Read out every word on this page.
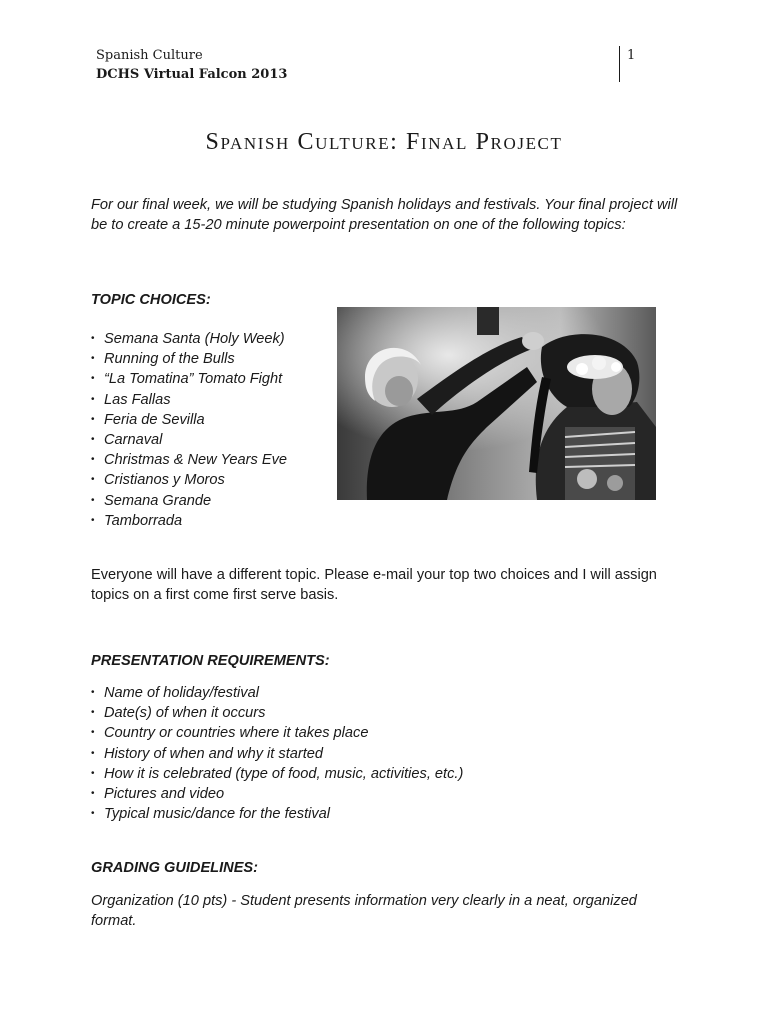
Spanish Culture
DCHS Virtual Falcon 2013
1
Spanish Culture: Final Project

For our final week, we will be studying Spanish holidays and festivals. Your final project will be to create a 15-20 minute powerpoint presentation on one of the following topics:

TOPIC CHOICES:
• Semana Santa (Holy Week)
• Running of the Bulls
• “La Tomatina” Tomato Fight
• Las Fallas
• Feria de Sevilla
• Carnaval
• Christmas & New Years Eve
• Cristianos y Moros
• Semana Grande
• Tamborrada

Everyone will have a different topic. Please e-mail your top two choices and I will assign topics on a first come first serve basis.

PRESENTATION REQUIREMENTS:
• Name of holiday/festival
• Date(s) of when it occurs
• Country or countries where it takes place
• History of when and why it started
• How it is celebrated (type of food, music, activities, etc.)
• Pictures and video
• Typical music/dance for the festival
GRADING GUIDELINES:

Organization (10 pts) - Student presents information very clearly in a neat, organized format.
